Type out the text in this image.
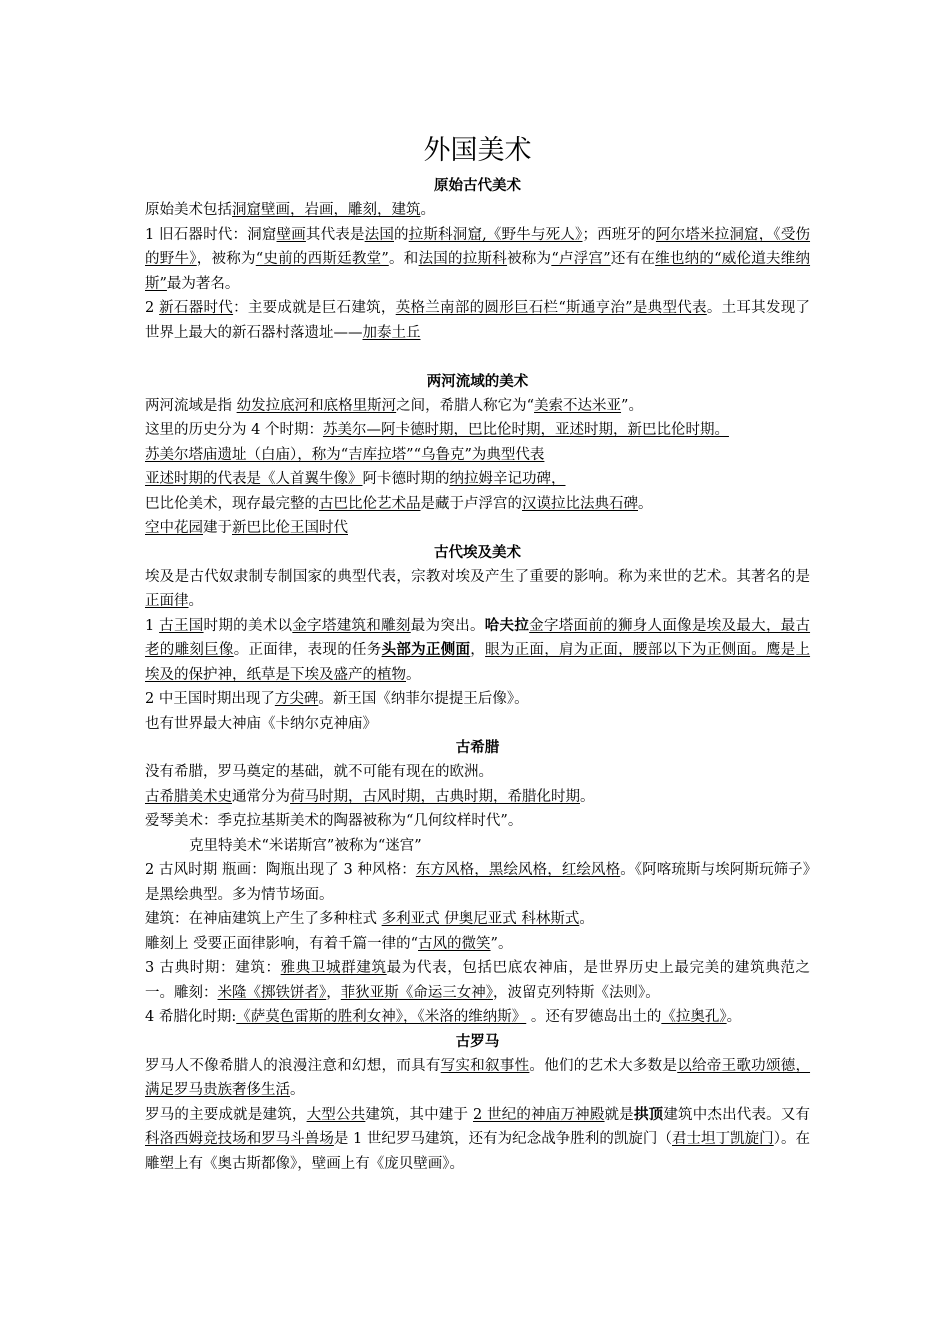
外国美术
原始古代美术

原始美术包括洞窟壁画，岩画，雕刻，建筑。

1 旧石器时代：洞窟壁画其代表是法国的拉斯科洞窟,《野牛与死人》；西班牙的阿尔塔米拉洞窟，《受伤的野牛》，被称为“史前的西斯廷教堂”。和法国的拉斯科被称为“卢浮宫”还有在维也纳的“威伦道夫维纳斯”最为著名。

2 新石器时代：主要成就是巨石建筑，英格兰南部的圆形巨石栏“斯通亨治”是典型代表。土耳其发现了世界上最大的新石器村落遗址——加泰土丘

两河流域的美术

两河流域是指 幼发拉底河和底格里斯河之间，希腊人称它为“美索不达米亚”。

这里的历史分为 4 个时期：苏美尔—阿卡德时期，巴比伦时期，亚述时期，新巴比伦时期。

苏美尔塔庙遗址（白庙），称为“吉库拉塔”“乌鲁克”为典型代表

亚述时期的代表是《人首翼牛像》阿卡德时期的纳拉姆辛记功碑，

巴比伦美术，现存最完整的古巴比伦艺术品是藏于卢浮宫的汉谟拉比法典石碑。

空中花园建于新巴比伦王国时代

古代埃及美术

埃及是古代奴隶制专制国家的典型代表，宗教对埃及产生了重要的影响。称为来世的艺术。其著名的是正面律。

1 古王国时期的美术以金字塔建筑和雕刻最为突出。哈夫拉金字塔面前的狮身人面像是埃及最大，最古老的雕刻巨像。正面律，表现的任务头部为正侧面，眼为正面，肩为正面，腰部以下为正侧面。鹰是上埃及的保护神，纸草是下埃及盛产的植物。

2 中王国时期出现了方尖碑。新王国《纳菲尔提提王后像》。

也有世界最大神庙《卡纳尔克神庙》

古希腊

没有希腊，罗马奠定的基础，就不可能有现在的欧洲。

古希腊美术史通常分为荷马时期，古风时期，古典时期，希腊化时期。

爱琴美术：季克拉基斯美术的陶器被称为“几何纹样时代”。

克里特美术“米诺斯宫”被称为“迷宫”

2 古风时期 瓶画：陶瓶出现了 3 种风格：东方风格，黑绘风格，红绘风格。《阿喀琉斯与埃阿斯玩筛子》是黑绘典型。多为情节场面。

建筑：在神庙建筑上产生了多种柱式 多利亚式 伊奥尼亚式 科林斯式。

雕刻上 受要正面律影响，有着千篇一律的“古风的微笑”。

3 古典时期：建筑：雅典卫城群建筑最为代表，包括巴底农神庙，是世界历史上最完美的建筑典范之一。雕刻：米隆《掷铁饼者》，菲狄亚斯《命运三女神》，波留克列特斯《法则》。

4 希腊化时期:《萨莫色雷斯的胜利女神》，《米洛的维纳斯》 。还有罗德岛出土的《拉奥孔》。

古罗马

罗马人不像希腊人的浪漫注意和幻想，而具有写实和叙事性。他们的艺术大多数是以给帝王歌功颂德，满足罗马贵族奢侈生活。

罗马的主要成就是建筑，大型公共建筑，其中建于 2 世纪的神庙万神殿就是拱顶建筑中杰出代表。又有科洛西姆竞技场和罗马斗兽场是 1 世纪罗马建筑，还有为纪念战争胜利的凯旋门（君士坦丁凯旋门）。在雕塑上有《奥古斯都像》，壁画上有《庞贝壁画》。
